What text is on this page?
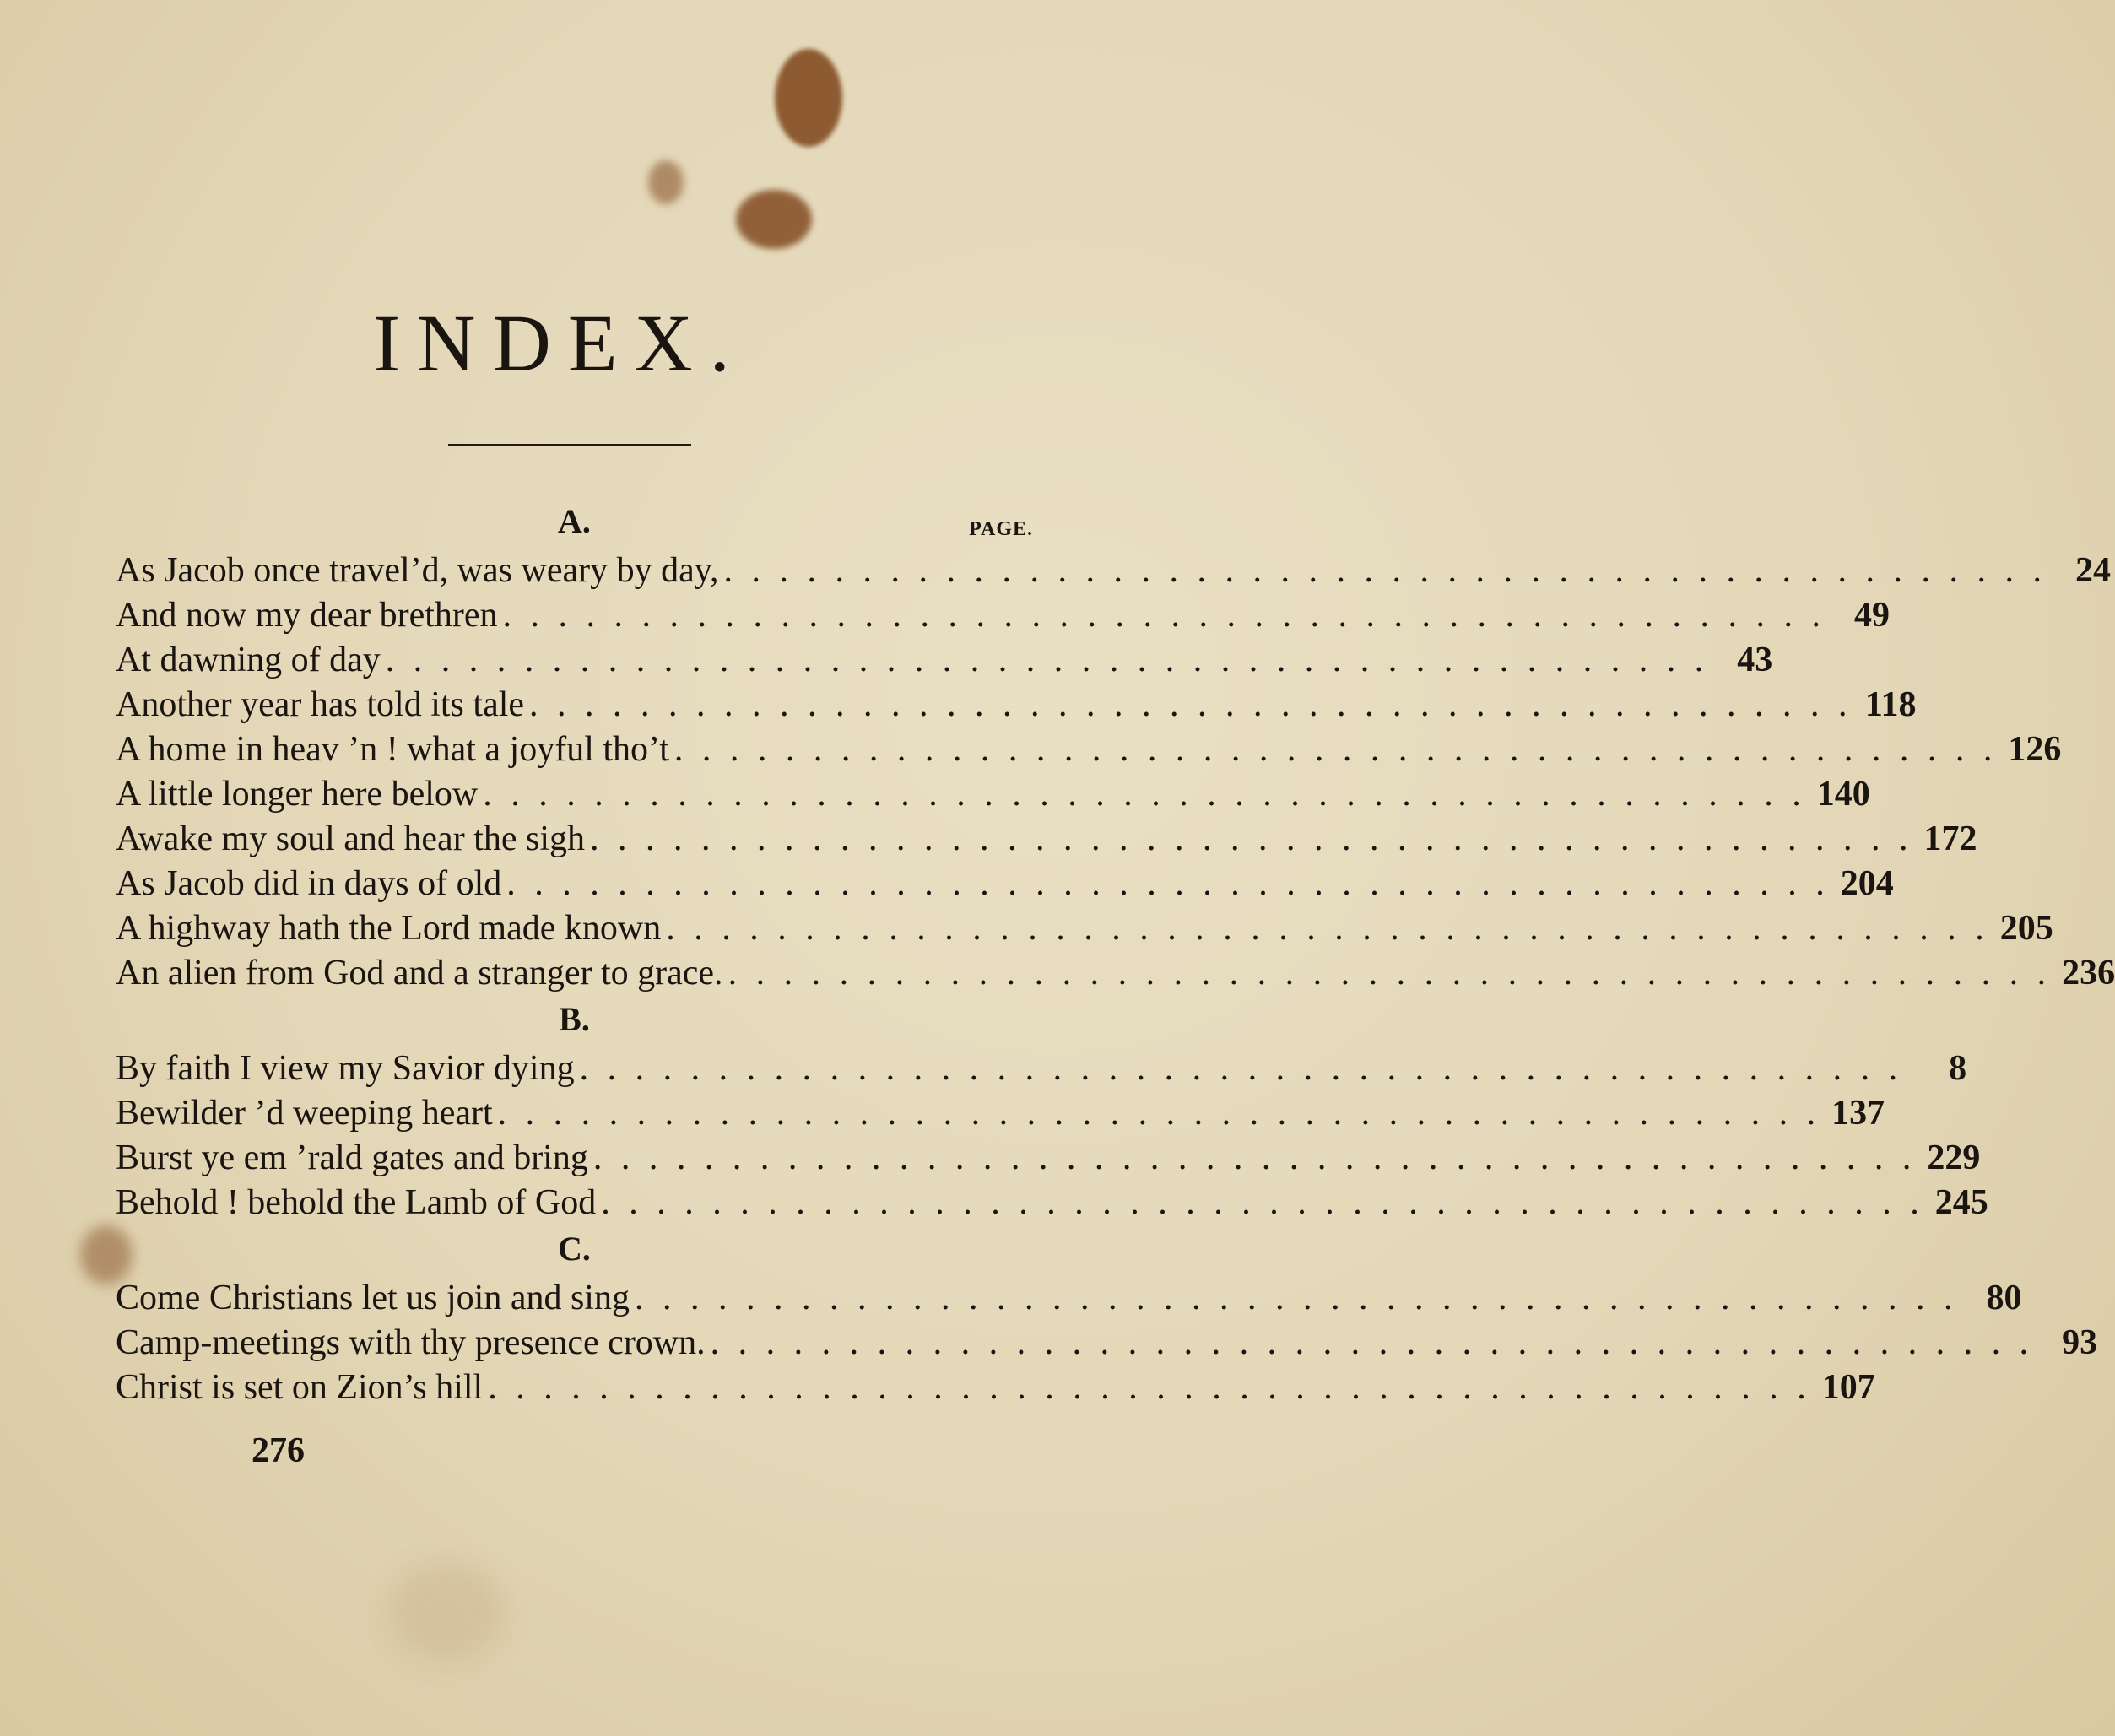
INDEX.
A.	PAGE.
As Jacob once travel’d, was weary by day, . . . . . . . . . . . . . . . . . . . . . . . . . . . . . . . . . . . . . . . . . . . . . . . . 24
And now my dear brethren . . . . . . . . . . . . . . . . . . . . . . . . . . . . . . . . . . . . . . . . . . . . . . . . 49
At dawning of day . . . . . . . . . . . . . . . . . . . . . . . . . . . . . . . . . . . . . . . . . . . . . . . . 43
Another year has told its tale . . . . . . . . . . . . . . . . . . . . . . . . . . . . . . . . . . . . . . . . . . . . . . . . 118
A home in heav ’n ! what a joyful tho’t . . . . . . . . . . . . . . . . . . . . . . . . . . . . . . . . . . . . . . . . . . . . . . . . 126
A little longer here below . . . . . . . . . . . . . . . . . . . . . . . . . . . . . . . . . . . . . . . . . . . . . . . . 140
Awake my soul and hear the sigh . . . . . . . . . . . . . . . . . . . . . . . . . . . . . . . . . . . . . . . . . . . . . . . . 172
As Jacob did in days of old . . . . . . . . . . . . . . . . . . . . . . . . . . . . . . . . . . . . . . . . . . . . . . . . 204
A highway hath the Lord made known . . . . . . . . . . . . . . . . . . . . . . . . . . . . . . . . . . . . . . . . . . . . . . . . 205
An alien from God and a stranger to grace. . . . . . . . . . . . . . . . . . . . . . . . . . . . . . . . . . . . . . . . . . . . . . . . . 236
B.
By faith I view my Savior dying . . . . . . . . . . . . . . . . . . . . . . . . . . . . . . . . . . . . . . . . . . . . . . . .	8
Bewilder ’d weeping heart . . . . . . . . . . . . . . . . . . . . . . . . . . . . . . . . . . . . . . . . . . . . . . . . 137
Burst ye em ’rald gates and bring . . . . . . . . . . . . . . . . . . . . . . . . . . . . . . . . . . . . . . . . . . . . . . . . 229
Behold ! behold the Lamb of God . . . . . . . . . . . . . . . . . . . . . . . . . . . . . . . . . . . . . . . . . . . . . . . . 245
C.
Come Christians let us join and sing . . . . . . . . . . . . . . . . . . . . . . . . . . . . . . . . . . . . . . . . . . . . . . . . 80
Camp-meetings with thy presence crown. . . . . . . . . . . . . . . . . . . . . . . . . . . . . . . . . . . . . . . . . . . . . . . . . 93
Christ is set on Zion’s hill . . . . . . . . . . . . . . . . . . . . . . . . . . . . . . . . . . . . . . . . . . . . . . . . 107
276
